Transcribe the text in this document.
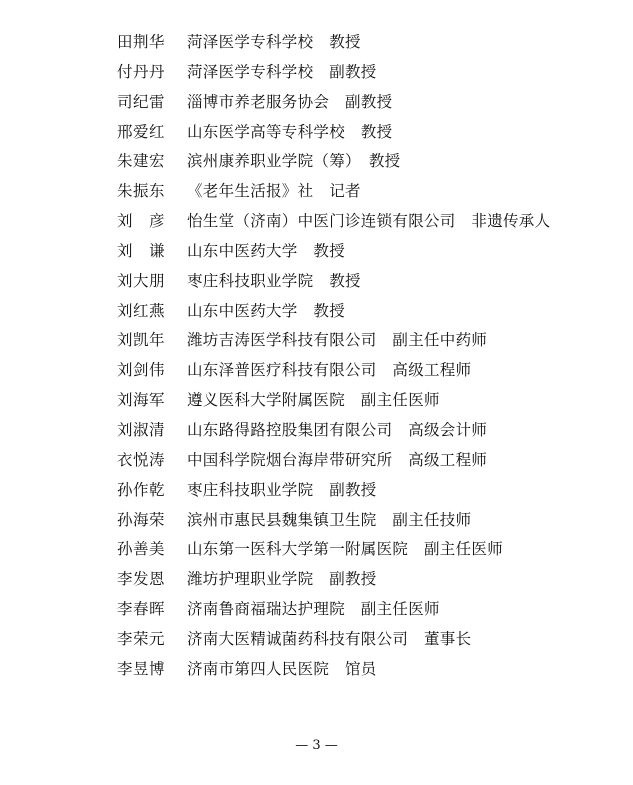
田荆华	菏泽医学专科学校　教授
付丹丹	菏泽医学专科学校　副教授
司纪雷	淄博市养老服务协会　副教授
邢爱红	山东医学高等专科学校　教授
朱建宏	滨州康养职业学院（筹）　教授
朱振东	《老年生活报》社　记者
刘　彦	怡生堂（济南）中医门诊连锁有限公司　非遗传承人
刘　谦	山东中医药大学　教授
刘大朋	枣庄科技职业学院　教授
刘红燕	山东中医药大学　教授
刘凯年	潍坊吉涛医学科技有限公司　副主任中药师
刘剑伟	山东泽普医疗科技有限公司　高级工程师
刘海军	遵义医科大学附属医院　副主任医师
刘淑清	山东路得路控股集团有限公司　高级会计师
衣悦涛	中国科学院烟台海岸带研究所　高级工程师
孙作乾	枣庄科技职业学院　副教授
孙海荣	滨州市惠民县魏集镇卫生院　副主任技师
孙善美	山东第一医科大学第一附属医院　副主任医师
李发恩	潍坊护理职业学院　副教授
李春晖	济南鲁商福瑞达护理院　副主任医师
李荣元	济南大医精诚菌药科技有限公司　董事长
李昱博	济南市第四人民医院　馆员
— 3 —
